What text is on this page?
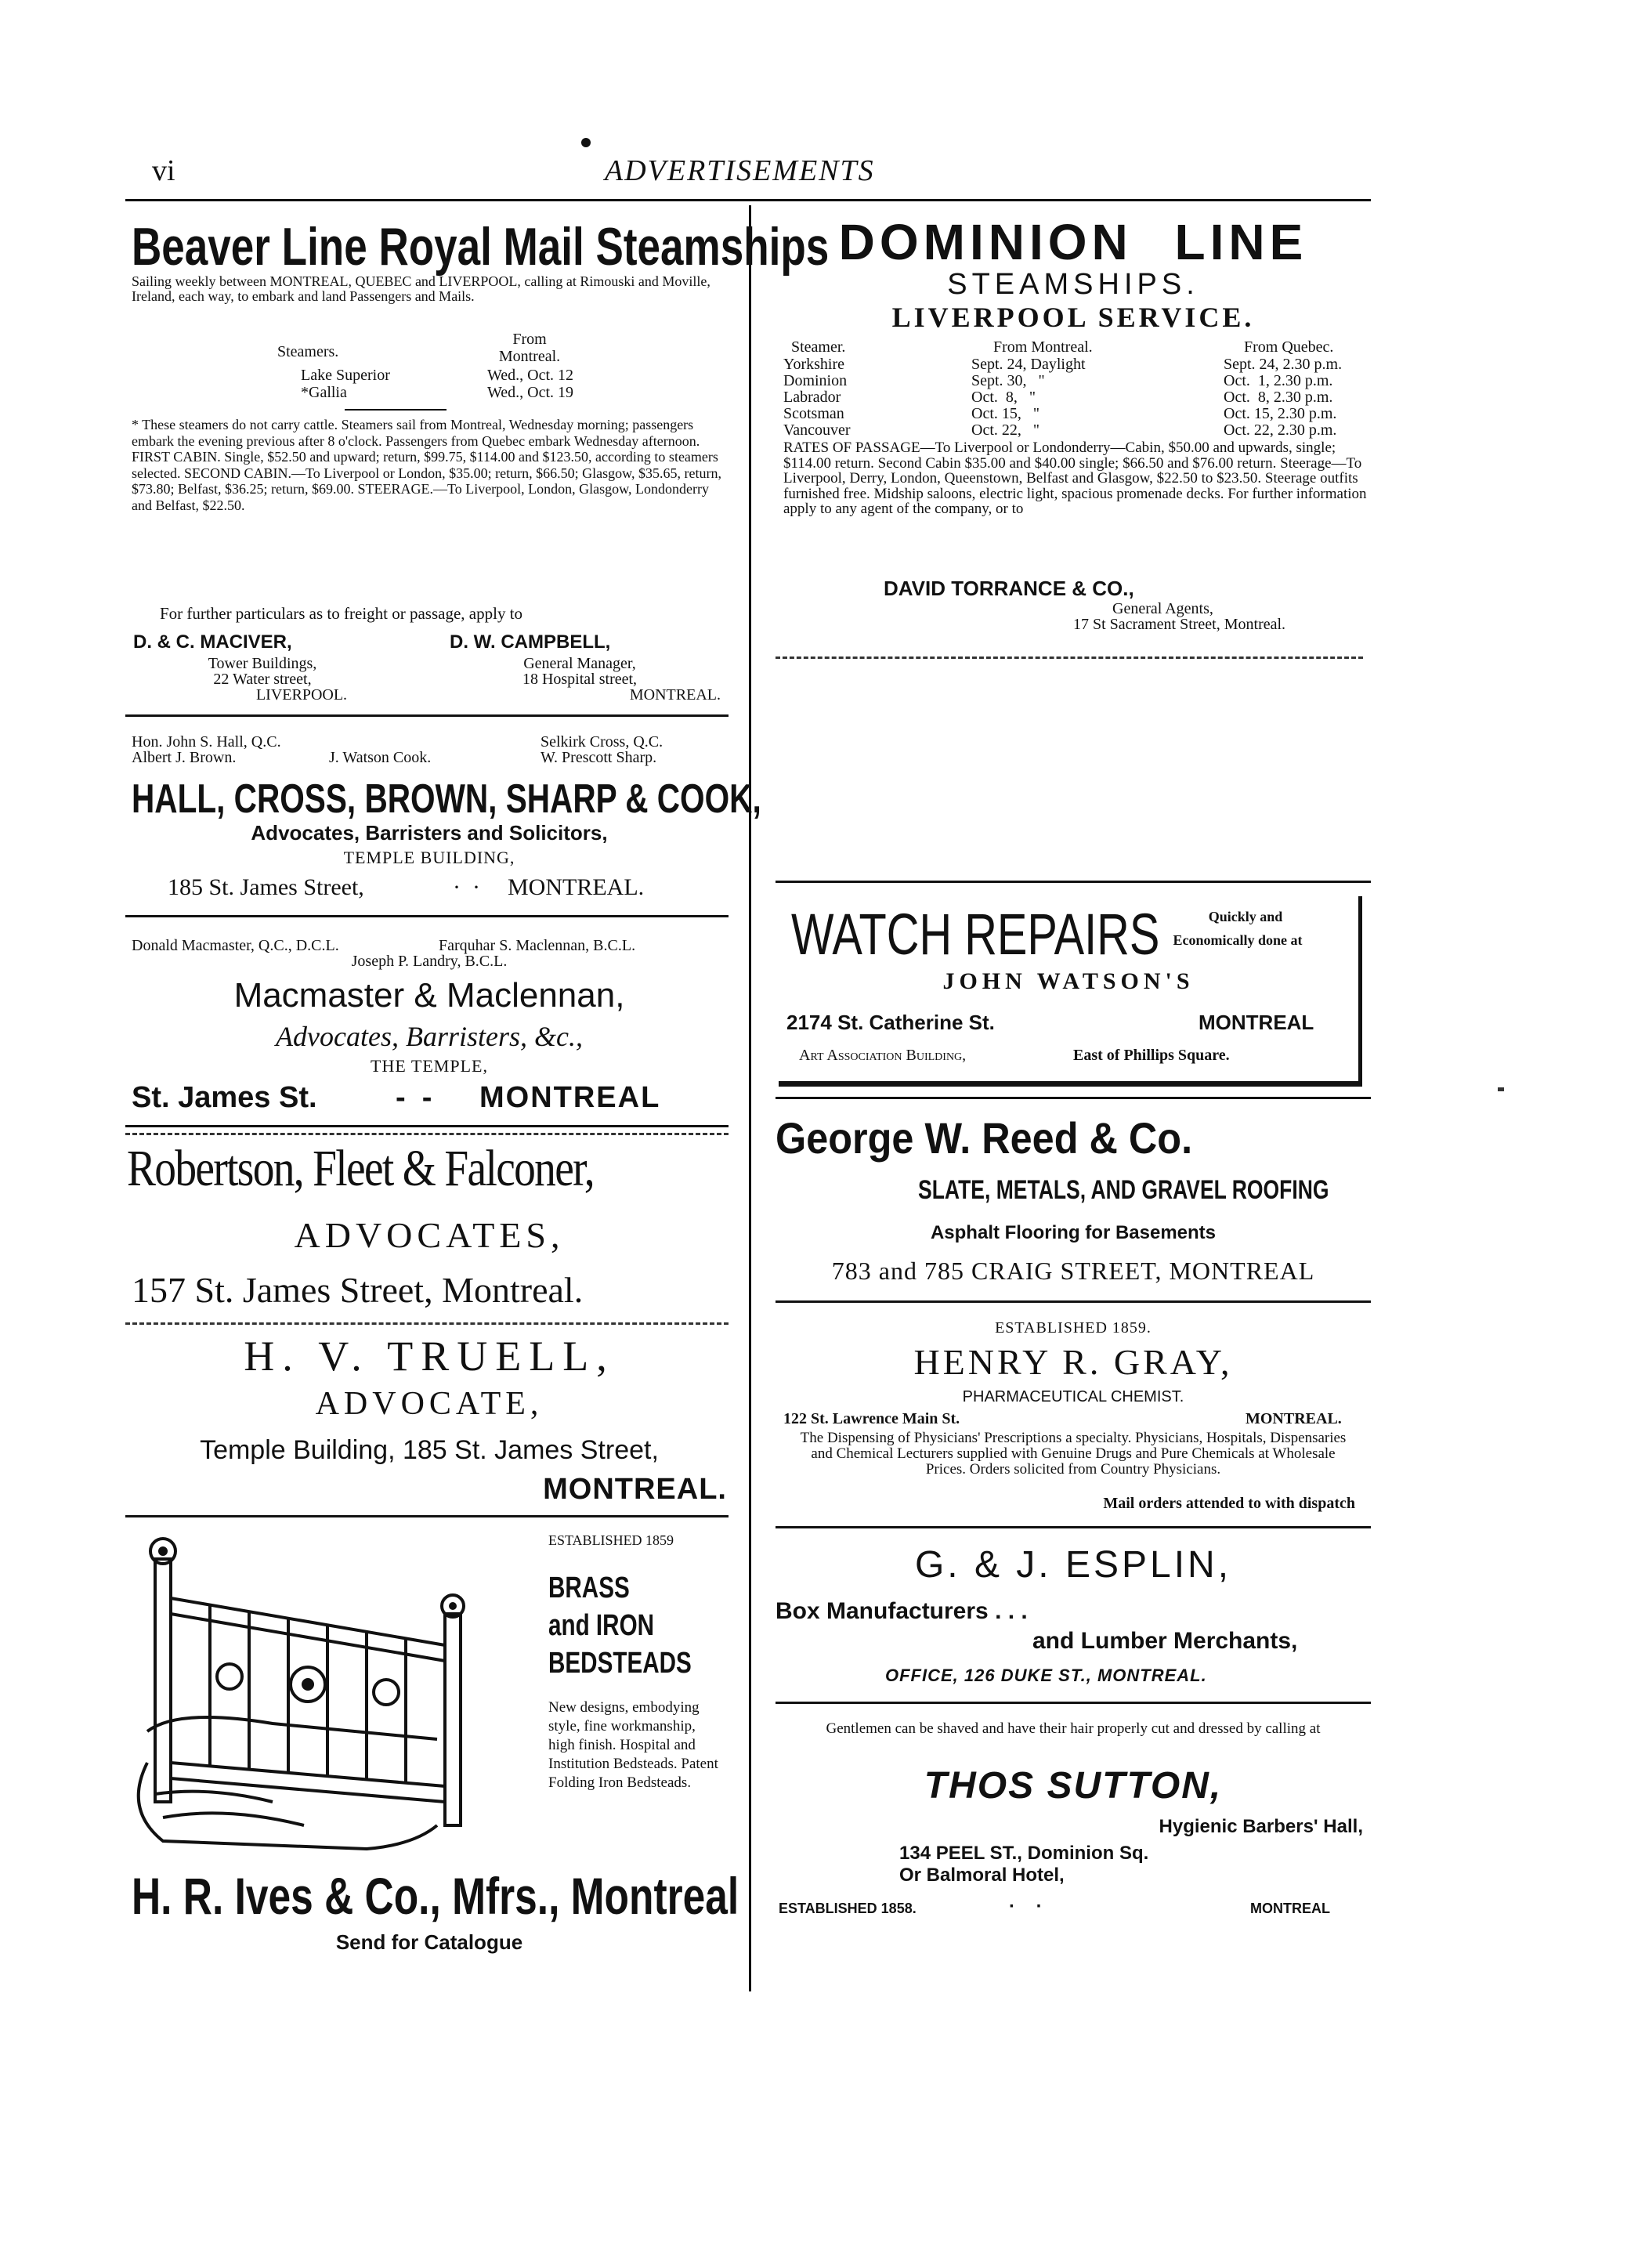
vi	ADVERTISEMENTS
Beaver Line Royal Mail Steamships
Sailing weekly between MONTREAL, QUEBEC and LIVERPOOL, calling at Rimouski and Moville, Ireland, each way, to embark and land Passengers and Mails.
Steamers.
From Montreal.
Lake Superior	Wed., Oct. 12
*Gallia	Wed., Oct. 19
* These steamers do not carry cattle. Steamers sail from Montreal, Wednesday morning; passengers embark the evening previous after 8 o'clock. Passengers from Quebec embark Wednesday afternoon. FIRST CABIN. Single, $52.50 and upward; return, $99.75, $114.00 and $123.50, according to steamers selected. SECOND CABIN.—To Liverpool or London, $35.00; return, $66.50; Glasgow, $35.65, return, $73.80; Belfast, $36.25; return, $69.00. STEERAGE.—To Liverpool, London, Glasgow, Londonderry and Belfast, $22.50.
For further particulars as to freight or passage, apply to
D. & C. MACIVER,
Tower Buildings,
22 Water street,
LIVERPOOL.
D. W. CAMPBELL,
General Manager,
18 Hospital street,
MONTREAL.
Hon. John S. Hall, Q.C.
Albert J. Brown.	J. Watson Cook.
Selkirk Cross, Q.C.
W. Prescott Sharp.
HALL, CROSS, BROWN, SHARP & COOK,
Advocates, Barristers and Solicitors,
TEMPLE BUILDING,
185 St. James Street,	·  · MONTREAL.
Donald Macmaster, Q.C., D.C.L.	Farquhar S. Maclennan, B.C.L.
Joseph P. Landry, B.C.L.
Macmaster & Maclennan,
Advocates, Barristers, &c.,
THE TEMPLE,
St. James St.	-  - MONTREAL
Robertson, Fleet & Falconer,
ADVOCATES,
157 St. James Street, Montreal.
H. V. TRUELL,
ADVOCATE,
Temple Building, 185 St. James Street,
MONTREAL.
ESTABLISHED 1859
BRASS
and IRON
BEDSTEADS
New designs, embodying style, fine workmanship, high finish. Hospital and Institution Bedsteads. Patent Folding Iron Bedsteads.
H. R. Ives & Co., Mfrs., Montreal
Send for Catalogue
DOMINION LINE
STEAMSHIPS.
LIVERPOOL SERVICE.
Steamer.	From Montreal.	From Quebec.
Yorkshire	Sept. 24, Daylight	Sept. 24, 2.30 p.m.
Dominion	Sept. 30,   "	Oct.  1, 2.30 p.m.
Labrador	Oct.  8,   "	Oct.  8, 2.30 p.m.
Scotsman	Oct. 15,   "	Oct. 15, 2.30 p.m.
Vancouver	Oct. 22,   "	Oct. 22, 2.30 p.m.
RATES OF PASSAGE—To Liverpool or Londonderry—Cabin, $50.00 and upwards, single; $114.00 return. Second Cabin $35.00 and $40.00 single; $66.50 and $76.00 return. Steerage—To Liverpool, Derry, London, Queenstown, Belfast and Glasgow, $22.50 to $23.50. Steerage outfits furnished free. Midship saloons, electric light, spacious promenade decks. For further information apply to any agent of the company, or to
DAVID TORRANCE & CO.,
General Agents,
17 St Sacrament Street, Montreal.
WATCH REPAIRS	Quickly and
Economically done at
JOHN WATSON'S
2174 St. Catherine St.	MONTREAL
Art Association Building,	East of Phillips Square.
George W. Reed & Co.
SLATE, METALS, AND GRAVEL ROOFING
Asphalt Flooring for Basements
783 and 785 CRAIG STREET, MONTREAL
ESTABLISHED 1859.
HENRY R. GRAY,
PHARMACEUTICAL CHEMIST.
122 St. Lawrence Main St.	MONTREAL.
The Dispensing of Physicians' Prescriptions a specialty. Physicians, Hospitals, Dispensaries and Chemical Lecturers supplied with Genuine Drugs and Pure Chemicals at Wholesale Prices. Orders solicited from Country Physicians.
Mail orders attended to with dispatch
G. & J. ESPLIN,
Box Manufacturers . . .
and Lumber Merchants,
OFFICE, 126 DUKE ST., MONTREAL.
Gentlemen can be shaved and have their hair properly cut and dressed by calling at
THOS SUTTON,
Hygienic Barbers' Hall,
134 PEEL ST., Dominion Sq.
Or Balmoral Hotel,
ESTABLISHED 1858.	·    ·	MONTREAL
